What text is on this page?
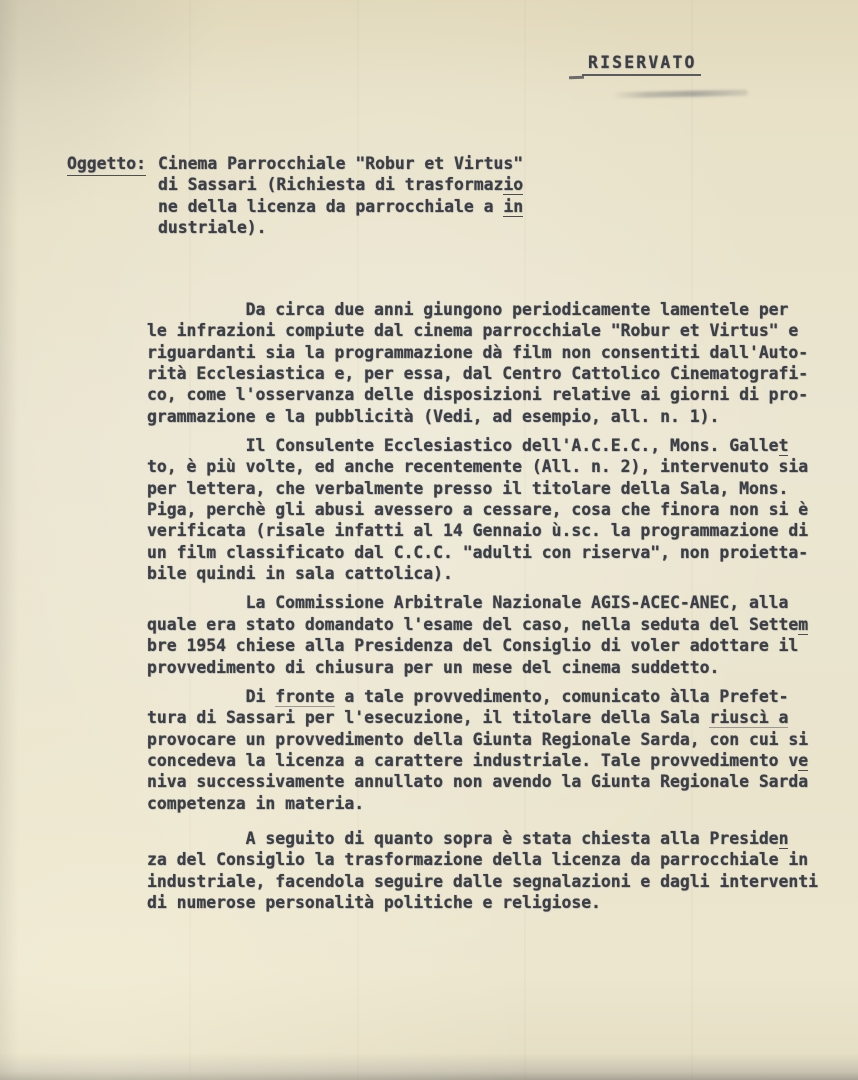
RISERVATO
Oggetto: Cinema Parrocchiale "Robur et Virtus"
di Sassari (Richiesta di trasformazio
ne della licenza da parrocchiale a in
dustriale).
Da circa due anni giungono periodicamente lamentele per
le infrazioni compiute dal cinema parrocchiale "Robur et Virtus" e
riguardanti sia la programmazione dà film non consentiti dall'Auto-
rità Ecclesiastica e, per essa, dal Centro Cattolico Cinematografi-
co, come l'osservanza delle disposizioni relative ai giorni di pro-
grammazione e la pubblicità (Vedi, ad esempio, all. n. 1).
Il Consulente Ecclesiastico dell'A.C.E.C., Mons. Gallet
to, è più volte, ed anche recentemente (All. n. 2), intervenuto sia
per lettera, che verbalmente presso il titolare della Sala, Mons.
Piga, perchè gli abusi avessero a cessare, cosa che finora non si è
verificata (risale infatti al 14 Gennaio ù.sc. la programmazione di
un film classificato dal C.C.C. "adulti con riserva", non proietta-
bile quindi in sala cattolica).
La Commissione Arbitrale Nazionale AGIS-ACEC-ANEC, alla
quale era stato domandato l'esame del caso, nella seduta del Settem
bre 1954 chiese alla Presidenza del Consiglio di voler adottare il
provvedimento di chiusura per un mese del cinema suddetto.
Di fronte a tale provvedimento, comunicato àlla Prefet-
tura di Sassari per l'esecuzione, il titolare della Sala riuscì a
provocare un provvedimento della Giunta Regionale Sarda, con cui si
concedeva la licenza a carattere industriale. Tale provvedimento ve
niva successivamente annullato non avendo la Giunta Regionale Sarda
competenza in materia.
A seguito di quanto sopra è stata chiesta alla Presiden
za del Consiglio la trasformazione della licenza da parrocchiale in
industriale, facendola seguire dalle segnalazioni e dagli interventi
di numerose personalità politiche e religiose.
